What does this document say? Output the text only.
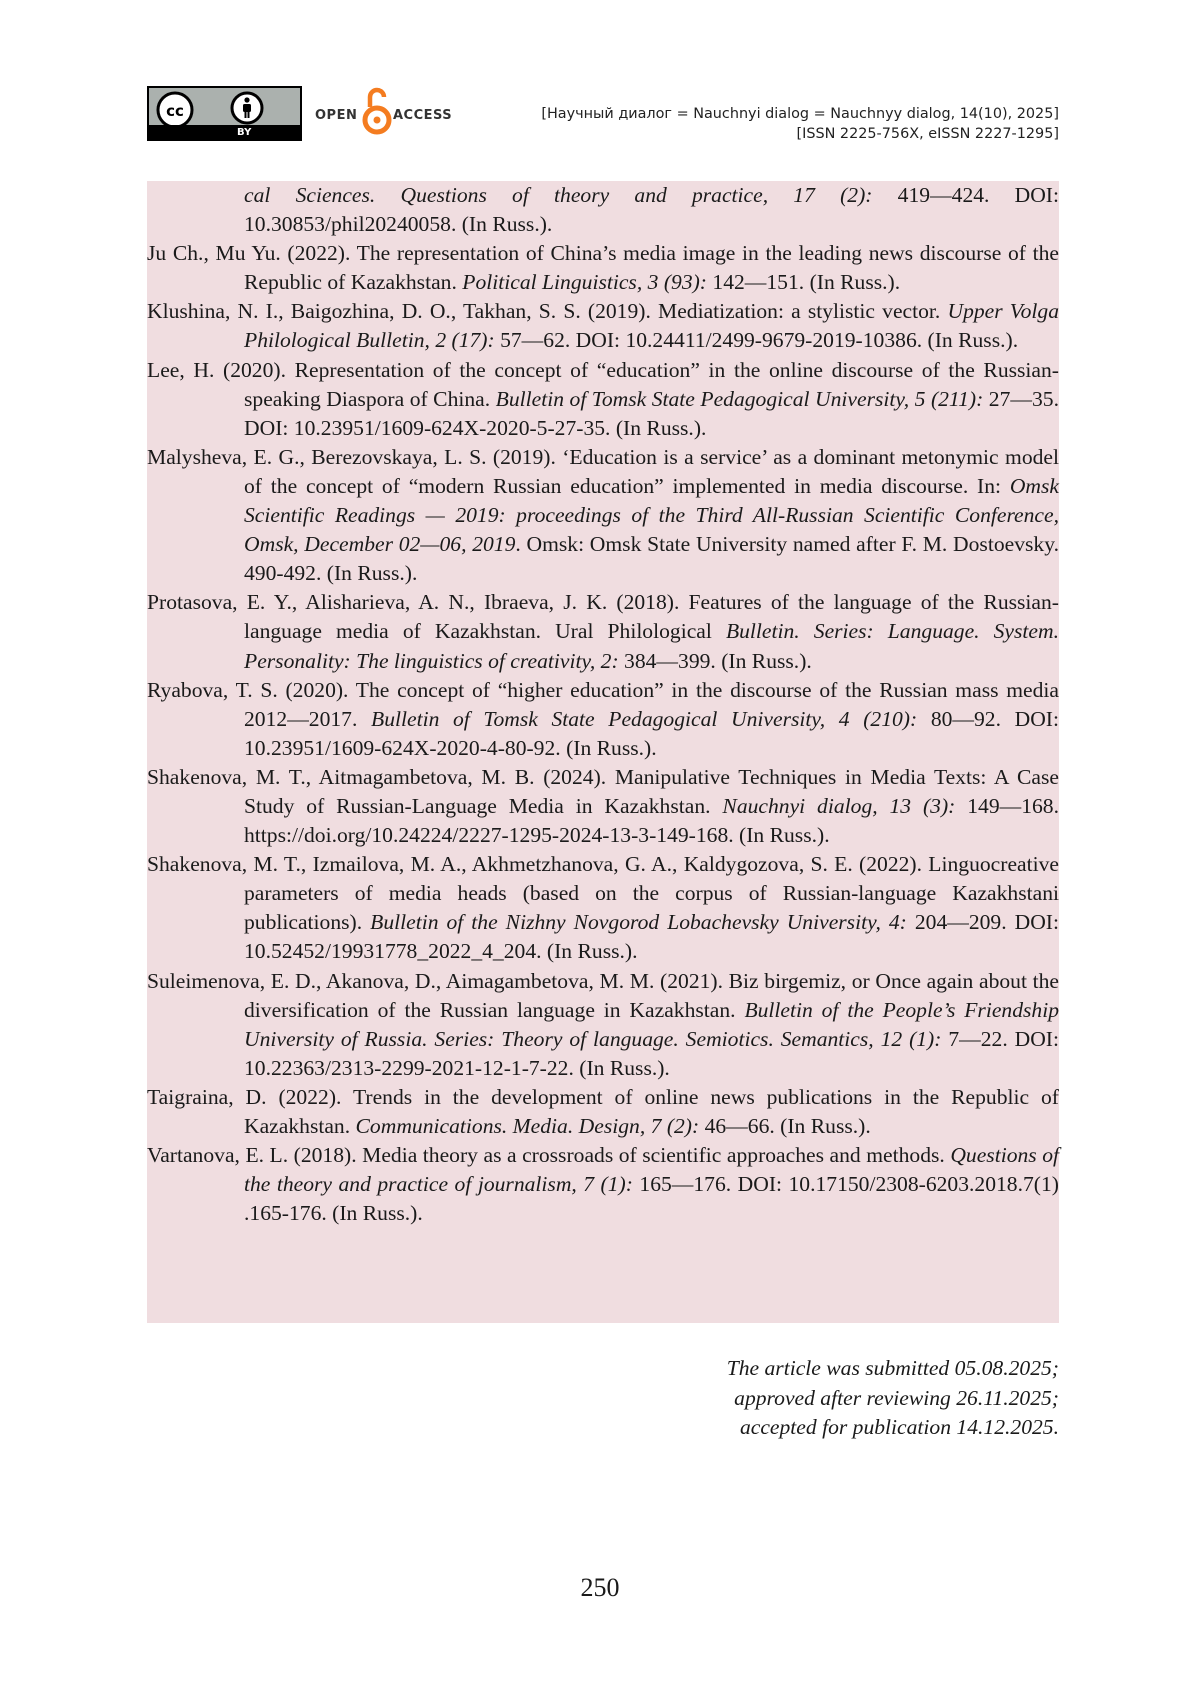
cc
BY
OPEN	ACCESS	[Научный диалог = Nauchnyi dialog = Nauchnyy dialog, 14(10), 2025]
[ISSN 2225-756X, eISSN 2227-1295]

cal Sciences. Questions of theory and practice, 17 (2): 419—424. DOI: 10.30853/phil20240058. (In Russ.).

Ju Ch., Mu Yu. (2022). The representation of China’s media image in the leading news discourse of the Republic of Kazakhstan. Political Linguistics, 3 (93): 142—151. (In Russ.).

Klushina, N. I., Baigozhina, D. O., Takhan, S. S. (2019). Mediatization: a stylistic vector. Upper Volga Philological Bulletin, 2 (17): 57—62. DOI: 10.24411/2499-9679-2019-10386. (In Russ.).

Lee, H. (2020). Representation of the concept of “education” in the online discourse of the Russian-speaking Diaspora of China. Bulletin of Tomsk State Pedagogical University, 5 (211): 27—35. DOI: 10.23951/1609-624X-2020-5-27-35. (In Russ.).

Malysheva, E. G., Berezovskaya, L. S. (2019). ‘Education is a service’ as a dominant metonymic model of the concept of “modern Russian education” implemented in media discourse. In: Omsk Scientific Readings — 2019: proceedings of the Third All-Russian Scientific Conference, Omsk, December 02—06, 2019. Omsk: Omsk State University named after F. M. Dostoevsky. 490-492. (In Russ.).

Protasova, E. Y., Alisharieva, A. N., Ibraeva, J. K. (2018). Features of the language of the Russian-language media of Kazakhstan. Ural Philological Bulletin. Series: Language. System. Personality: The linguistics of creativity, 2: 384—399. (In Russ.).

Ryabova, T. S. (2020). The concept of “higher education” in the discourse of the Russian mass media 2012—2017. Bulletin of Tomsk State Pedagogical University, 4 (210): 80—92. DOI: 10.23951/1609-624X-2020-4-80-92. (In Russ.).

Shakenova, M. T., Aitmagambetova, M. B. (2024). Manipulative Techniques in Media Texts: A Case Study of Russian-Language Media in Kazakhstan. Nauchnyi dialog, 13 (3): 149—168. https://doi.org/10.24224/2227-1295-2024-13-3-149-168. (In Russ.).

Shakenova, M. T., Izmailova, M. A., Akhmetzhanova, G. A., Kaldygozova, S. E. (2022). Linguocreative parameters of media heads (based on the corpus of Russian-language Kazakhstani publications). Bulletin of the Nizhny Novgorod Lobachevsky University, 4: 204—209. DOI: 10.52452/19931778_2022_4_204. (In Russ.).

Suleimenova, E. D., Akanova, D., Aimagambetova, M. M. (2021). Biz birgemiz, or Once again about the diversification of the Russian language in Kazakhstan. Bulletin of the People’s Friendship University of Russia. Series: Theory of language. Semiotics. Semantics, 12 (1): 7—22. DOI: 10.22363/2313-2299-2021-12-1-7-22. (In Russ.).

Taigraina, D. (2022). Trends in the development of online news publications in the Republic of Kazakhstan. Communications. Media. Design, 7 (2): 46—66. (In Russ.).

Vartanova, E. L. (2018). Media theory as a crossroads of scientific approaches and methods. Questions of the theory and practice of journalism, 7 (1): 165—176. DOI: 10.17150/2308-6203.2018.7(1) .165-176. (In Russ.).

The article was submitted 05.08.2025;
approved after reviewing 26.11.2025;
accepted for publication 14.12.2025.
250
